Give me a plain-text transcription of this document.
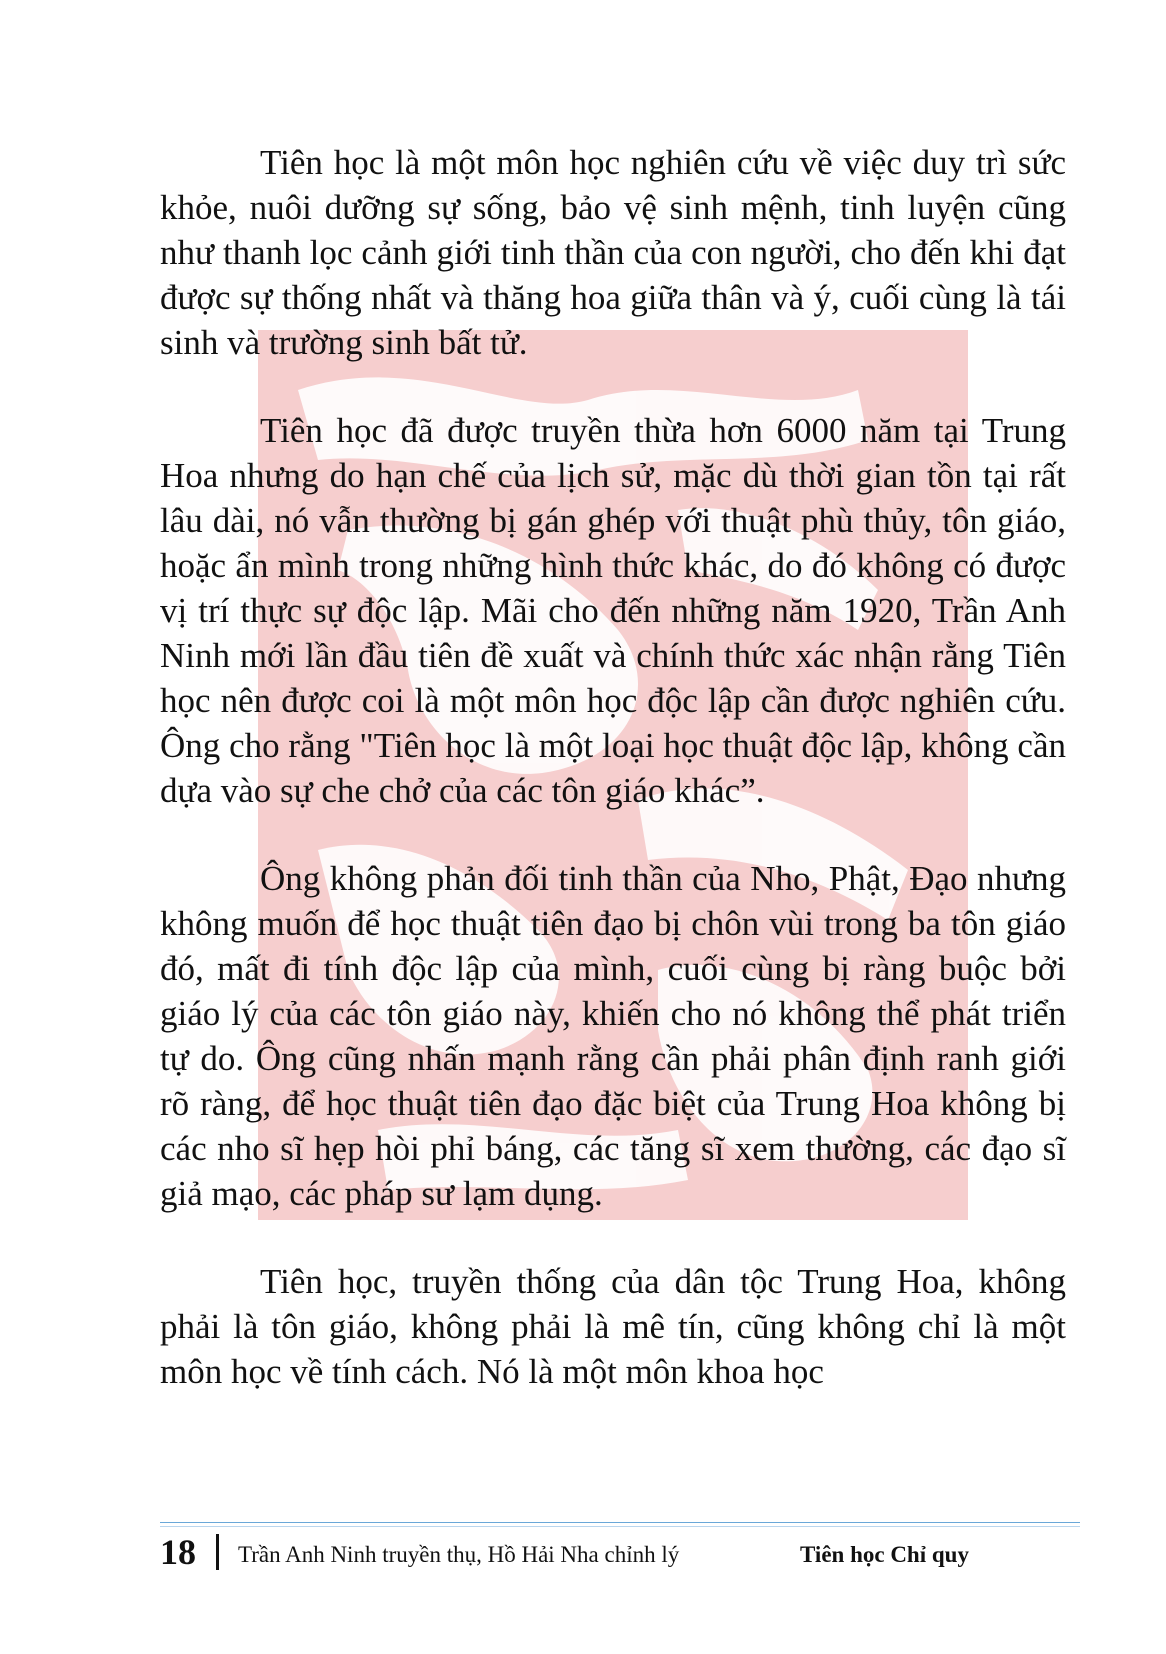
Tiên học là một môn học nghiên cứu về việc duy trì sức khỏe, nuôi dưỡng sự sống, bảo vệ sinh mệnh, tinh luyện cũng như thanh lọc cảnh giới tinh thần của con người, cho đến khi đạt được sự thống nhất và thăng hoa giữa thân và ý, cuối cùng là tái sinh và trường sinh bất tử.

Tiên học đã được truyền thừa hơn 6000 năm tại Trung Hoa nhưng do hạn chế của lịch sử, mặc dù thời gian tồn tại rất lâu dài, nó vẫn thường bị gán ghép với thuật phù thủy, tôn giáo, hoặc ẩn mình trong những hình thức khác, do đó không có được vị trí thực sự độc lập. Mãi cho đến những năm 1920, Trần Anh Ninh mới lần đầu tiên đề xuất và chính thức xác nhận rằng Tiên học nên được coi là một môn học độc lập cần được nghiên cứu. Ông cho rằng "Tiên học là một loại học thuật độc lập, không cần dựa vào sự che chở của các tôn giáo khác”.

Ông không phản đối tinh thần của Nho, Phật, Đạo nhưng không muốn để học thuật tiên đạo bị chôn vùi trong ba tôn giáo đó, mất đi tính độc lập của mình, cuối cùng bị ràng buộc bởi giáo lý của các tôn giáo này, khiến cho nó không thể phát triển tự do. Ông cũng nhấn mạnh rằng cần phải phân định ranh giới rõ ràng, để học thuật tiên đạo đặc biệt của Trung Hoa không bị các nho sĩ hẹp hòi phỉ báng, các tăng sĩ xem thường, các đạo sĩ giả mạo, các pháp sư lạm dụng.

Tiên học, truyền thống của dân tộc Trung Hoa, không phải là tôn giáo, không phải là mê tín, cũng không chỉ là một môn học về tính cách. Nó là một môn khoa học

18 Trần Anh Ninh truyền thụ, Hồ Hải Nha chỉnh lý	Tiên học Chỉ quy
